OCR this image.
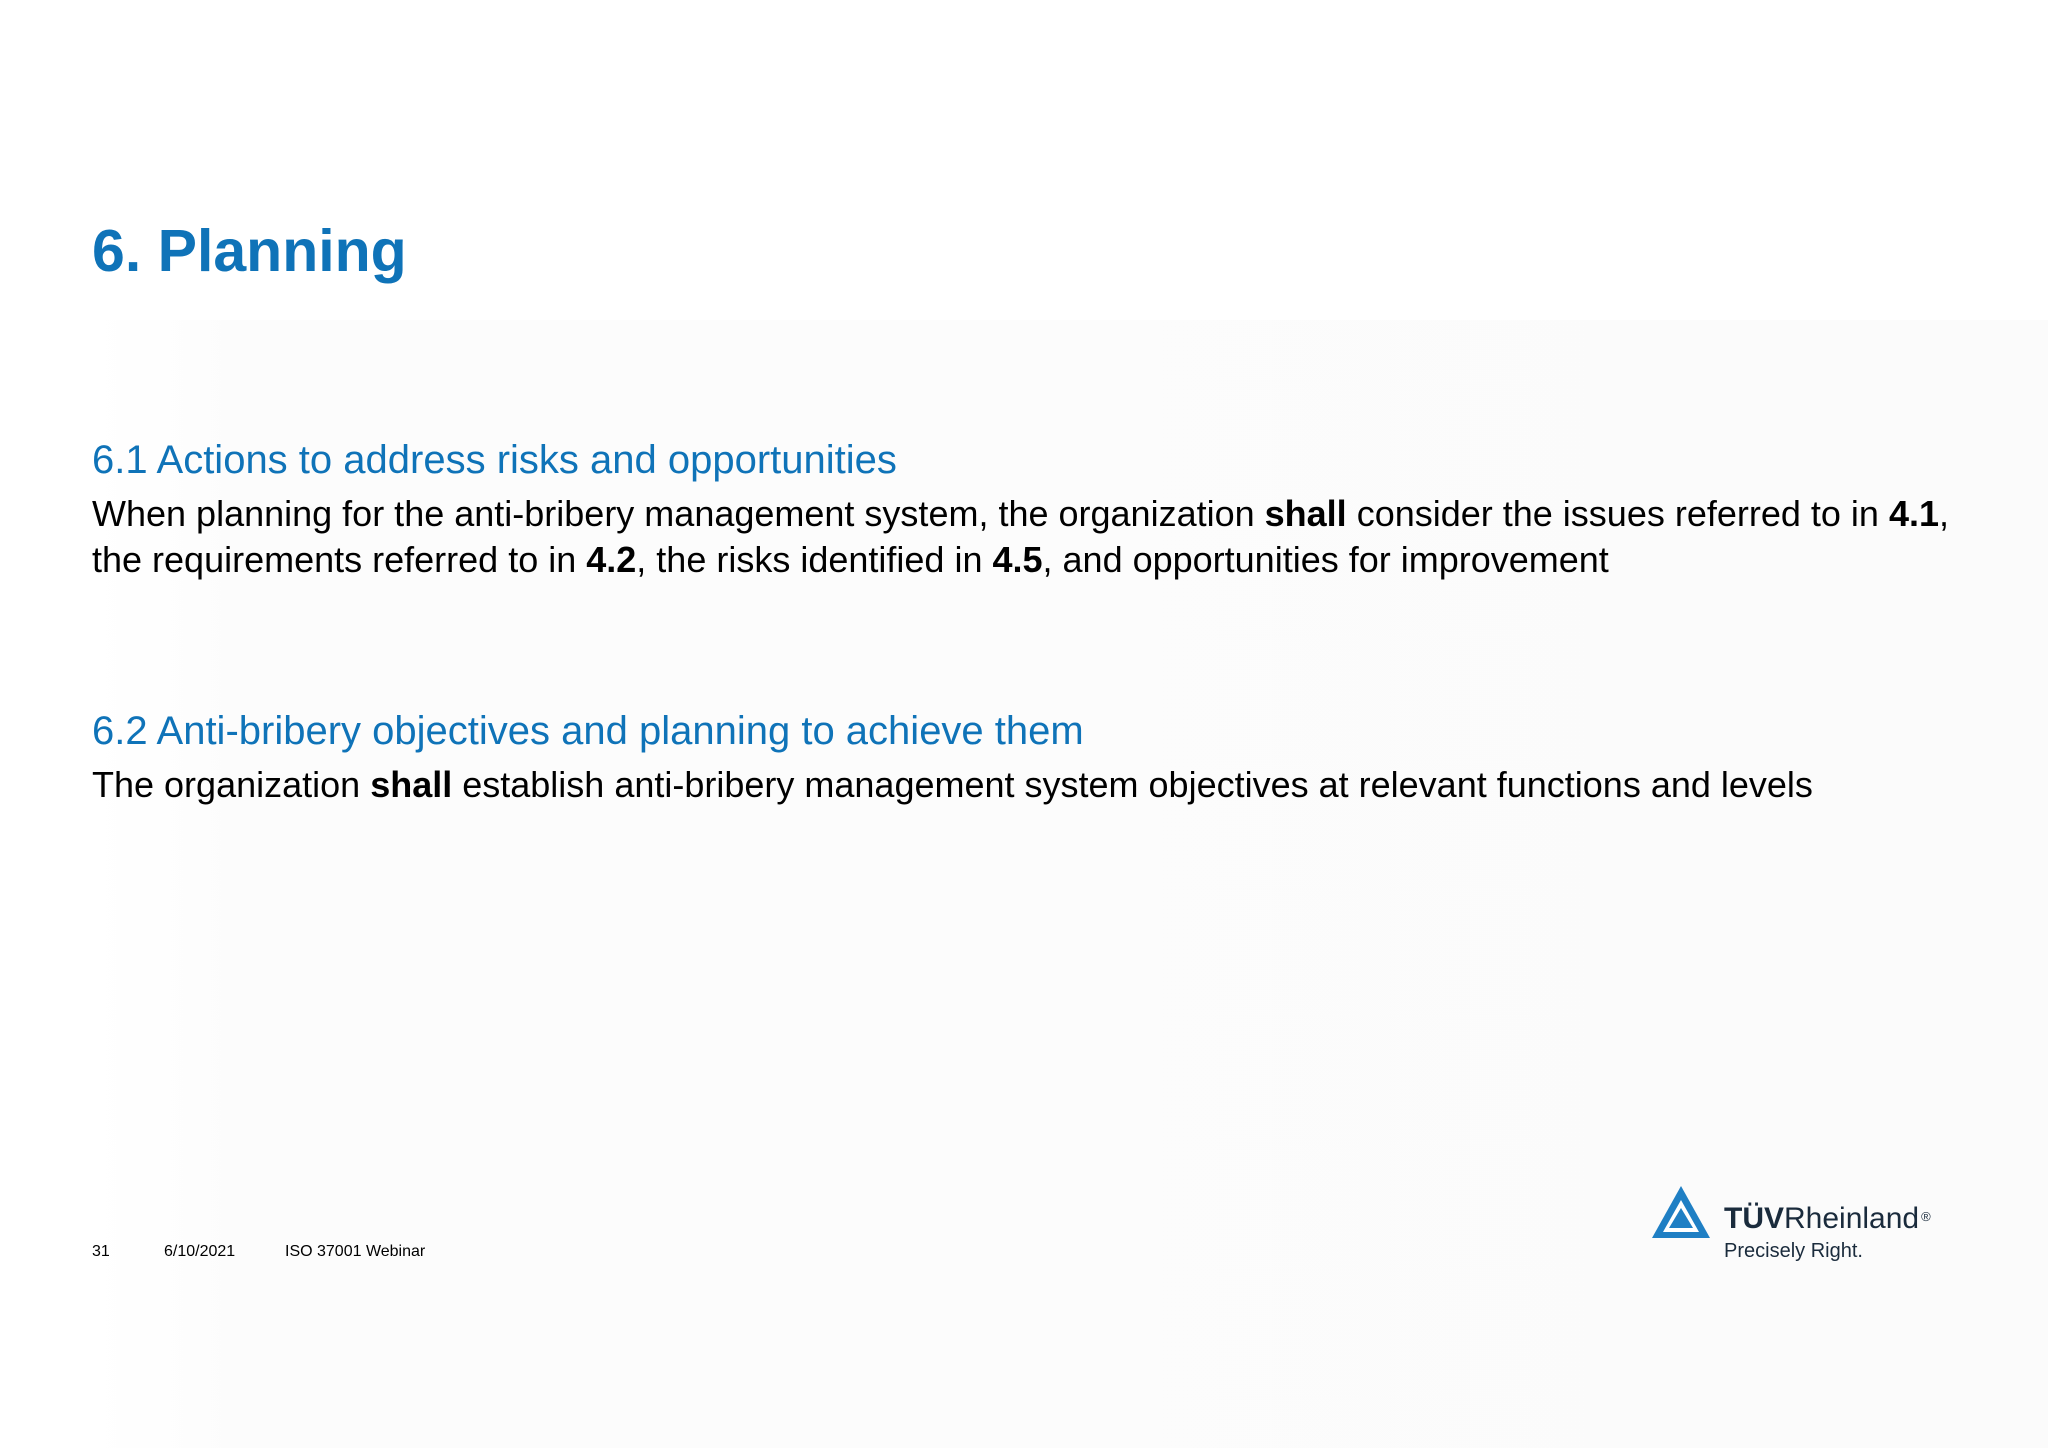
6. Planning
6.1 Actions to address risks and opportunities

When planning for the anti-bribery management system, the organization shall consider the issues referred to in 4.1, the requirements referred to in 4.2, the risks identified in 4.5, and opportunities for improvement

6.2 Anti-bribery objectives and planning to achieve them

The organization shall establish anti-bribery management system objectives at relevant functions and levels

31	6/10/2021	ISO 37001 Webinar
TÜVRheinland ®
Precisely Right.
